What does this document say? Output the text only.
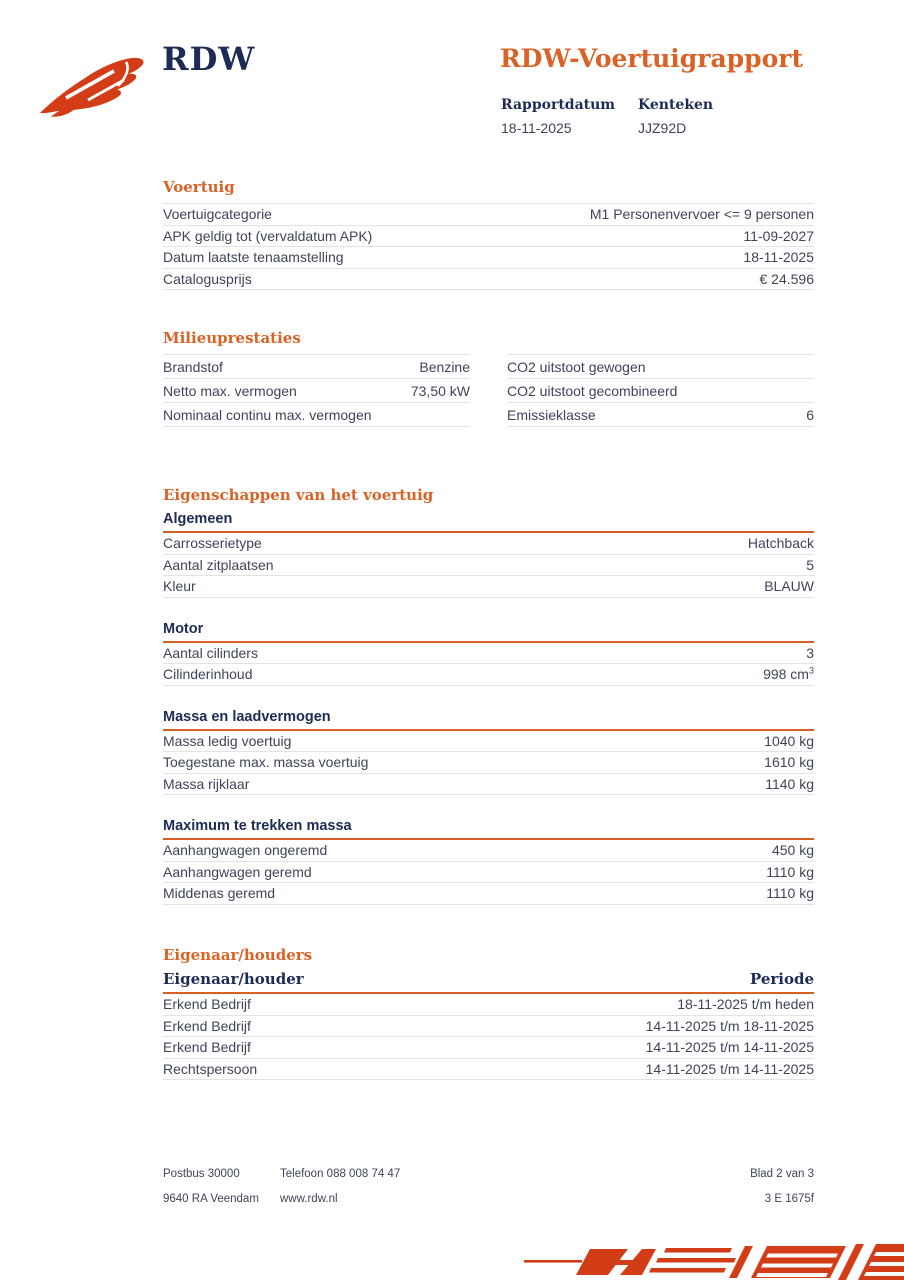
RDW	RDW-Voertuigrapport
Rapportdatum
18-11-2025
Kenteken
JJZ92D
Voertuig
Voertuigcategorie	M1 Personenvervoer <= 9 personen
APK geldig tot (vervaldatum APK)	11-09-2027
Datum laatste tenaamstelling	18-11-2025
Catalogusprijs	€ 24.596
Milieuprestaties
Brandstof	Benzine
Netto max. vermogen	73,50 kW
Nominaal continu max. vermogen
CO2 uitstoot gewogen
CO2 uitstoot gecombineerd
Emissieklasse	6
Eigenschappen van het voertuig
Algemeen
Carrosserietype	Hatchback
Aantal zitplaatsen	5
Kleur	BLAUW
Motor
Aantal cilinders	3
Cilinderinhoud	998 $cm^3$
Massa en laadvermogen
Massa ledig voertuig	1040 kg
Toegestane max. massa voertuig	1610 kg
Massa rijklaar	1140 kg
Maximum te trekken massa
Aanhangwagen ongeremd	450 kg
Aanhangwagen geremd	1110 kg
Middenas geremd	1110 kg
Eigenaar/houders
Eigenaar/houder	Periode
Erkend Bedrijf	18-11-2025 t/m heden
Erkend Bedrijf	14-11-2025 t/m 18-11-2025
Erkend Bedrijf	14-11-2025 t/m 14-11-2025
Rechtspersoon	14-11-2025 t/m 14-11-2025
Postbus 30000	Telefoon 088 008 74 47	Blad 2 van 3
9640 RA Veendam	www.rdw.nl	3 E 1675f
